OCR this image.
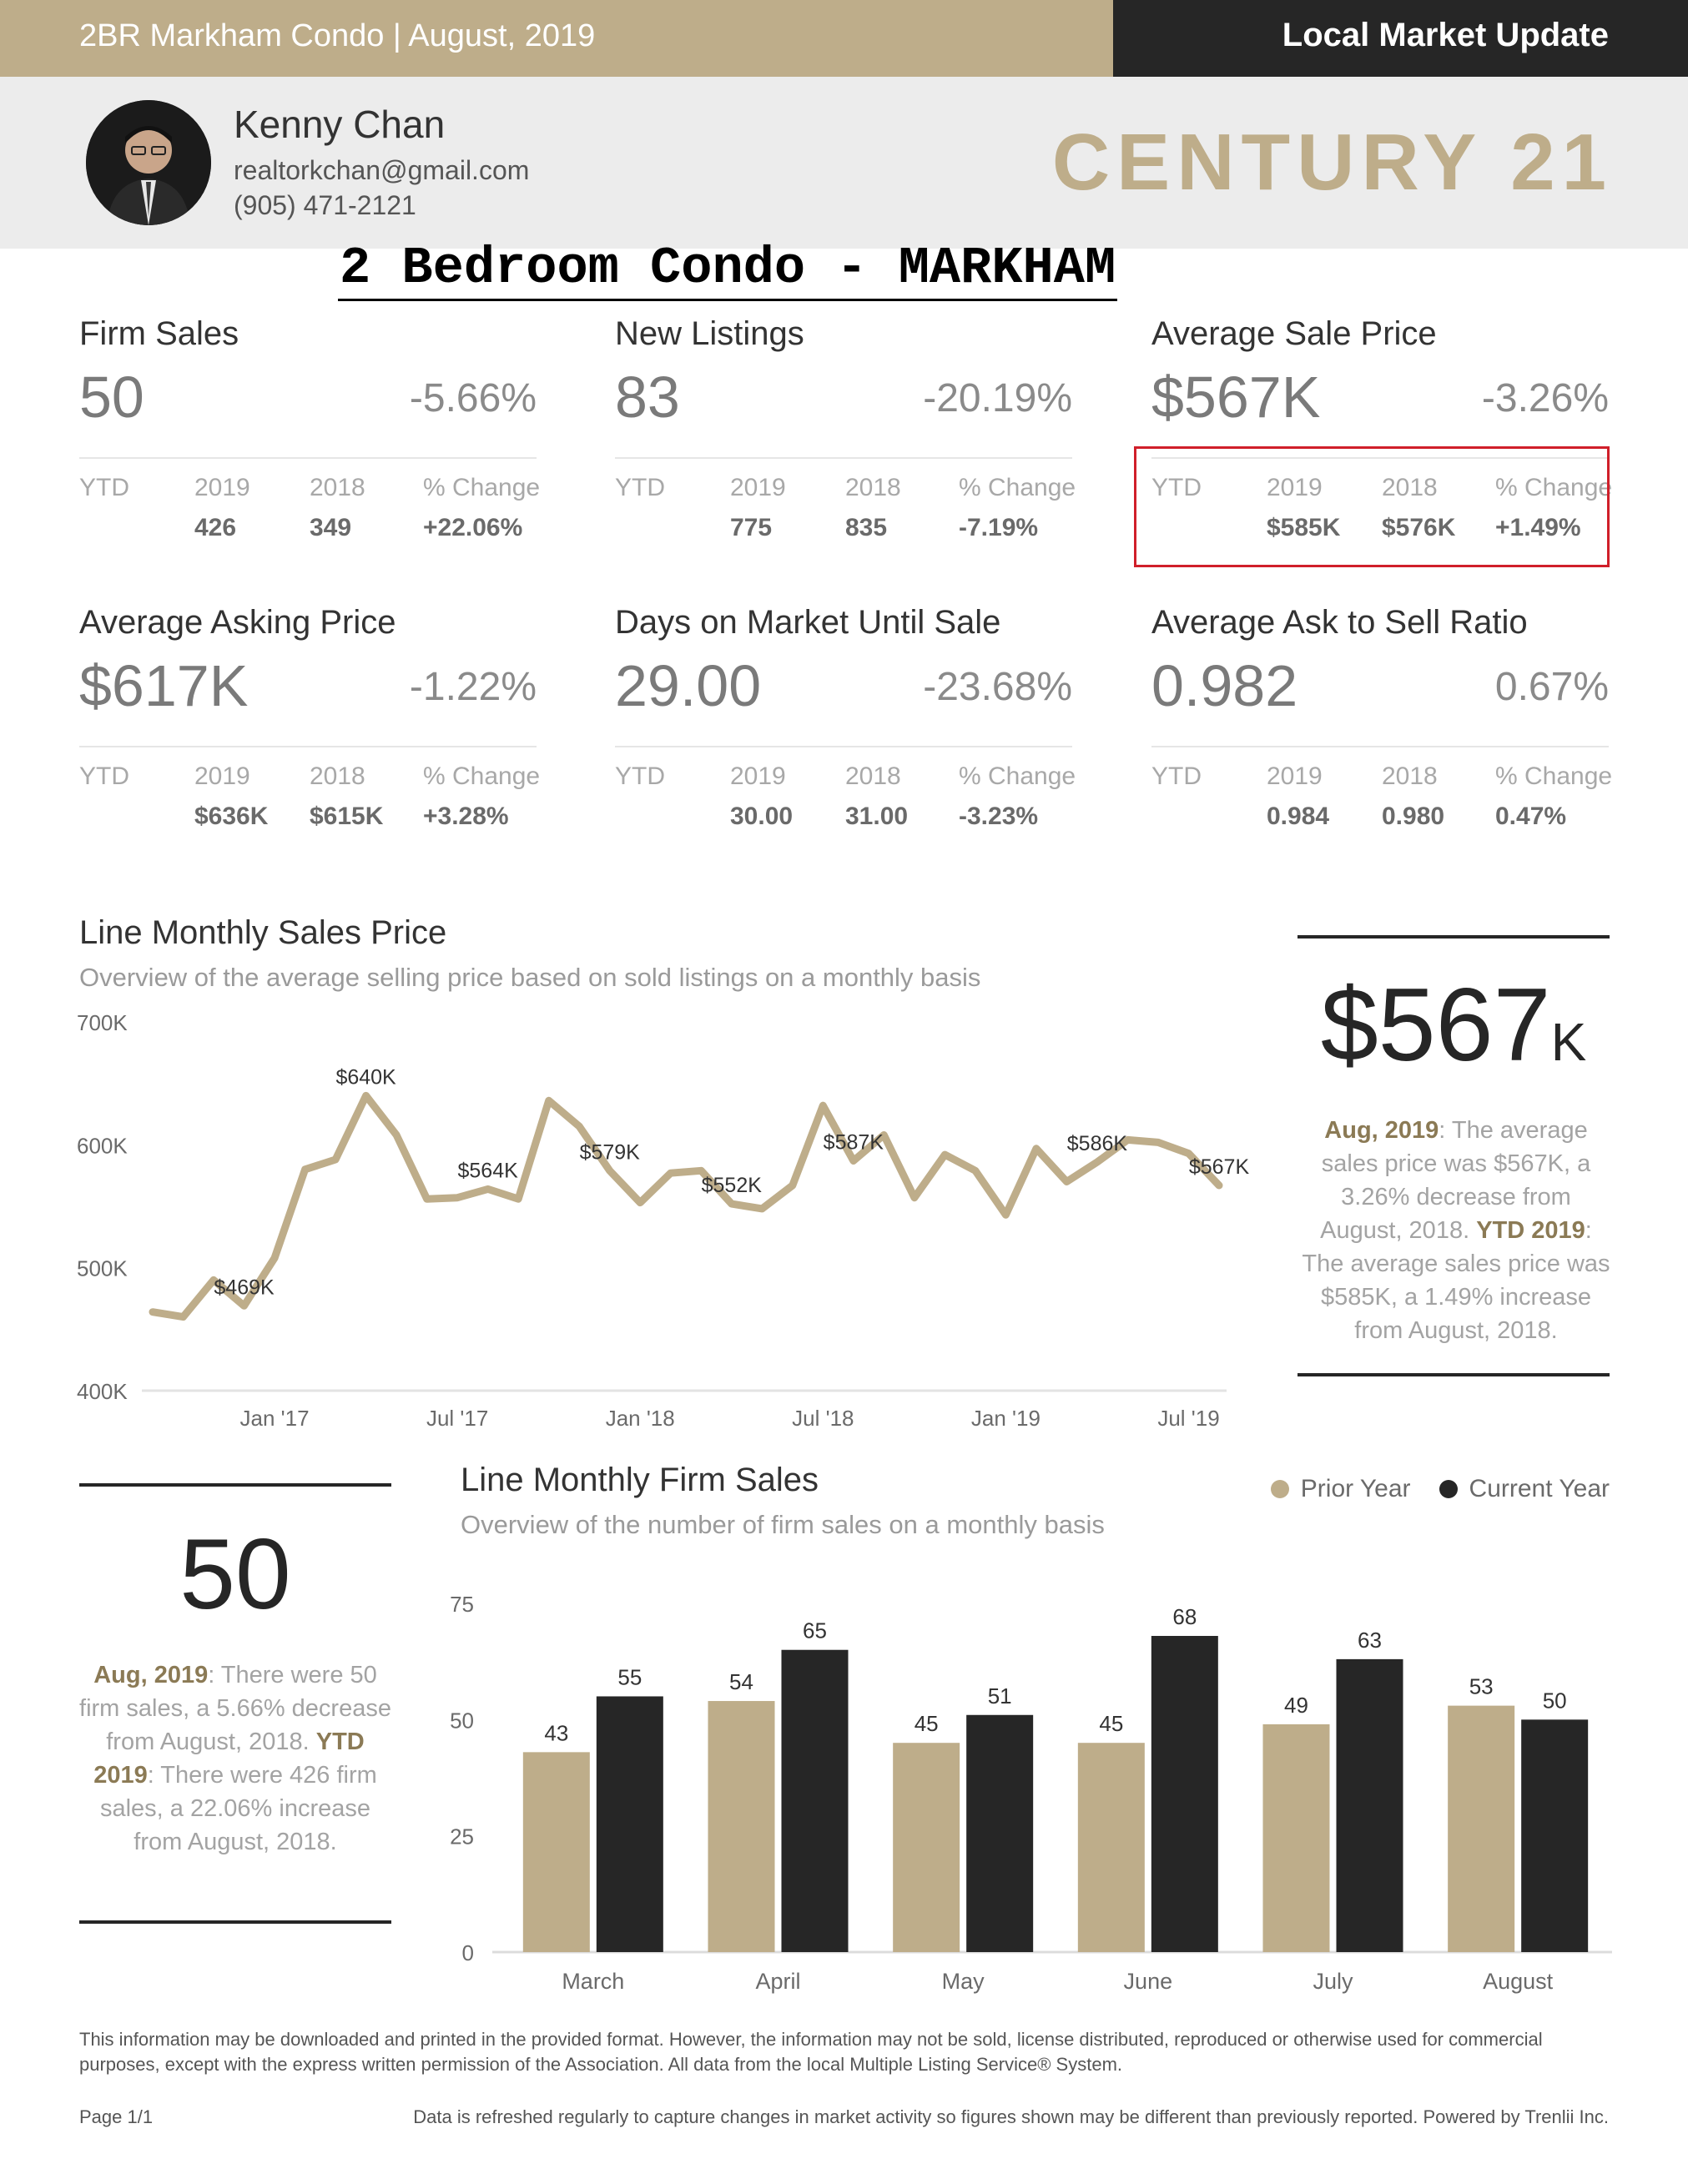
2BR Markham Condo | August, 2019	Local Market Update
Kenny Chan
realtorkchan@gmail.com
(905) 471-2121	CENTURY 21
2 Bedroom Condo - MARKHAM
Firm Sales
50	-5.66%
YTD	2019 2018 % Change
426	349	+22.06%
New Listings
83	-20.19%
YTD	2019 2018 % Change
775	835	-7.19%
Average Sale Price
$567K	-3.26%
YTD	2019 2018 % Change
$585K $576K +1.49%
Average Asking Price
$617K	-1.22%
YTD	2019 2018 % Change
$636K $615K +3.28%
Days on Market Until Sale
29.00	-23.68%
YTD	2019 2018 % Change
30.00 31.00 -3.23%
Average Ask to Sell Ratio
0.982	0.67%
YTD	2019 2018 % Change
0.984 0.980 0.47%
Line Monthly Sales Price
Overview of the average selling price based on sold listings on a monthly basis
400K
500K
600K
700K
Jan '17	Jul '17	Jan '18	Jul '18	Jan '19	Jul '19
$469K
$640K
$564K
$579K
$552K
$587K	$586K
$567K
$567K
Aug, 2019: The average sales price was $567K, a 3.26% decrease from August, 2018. YTD 2019: The average sales price was $585K, a 1.49% increase from August, 2018.
50
Aug, 2019: There were 50 firm sales, a 5.66% decrease from August, 2018. YTD 2019: There were 426 firm sales, a 22.06% increase from August, 2018.
Line Monthly Firm Sales
Overview of the number of firm sales on a monthly basis
Prior Year Current Year
0
25
50
75
43
55
March
54
65
April
45
51
May
45
68
June
49
63
July
53
50
August
This information may be downloaded and printed in the provided format. However, the information may not be sold, license distributed, reproduced or otherwise used for commercial purposes, except with the express written permission of the Association. All data from the local Multiple Listing Service® System.
Page 1/1	Data is refreshed regularly to capture changes in market activity so figures shown may be different than previously reported. Powered by Trenlii Inc.
